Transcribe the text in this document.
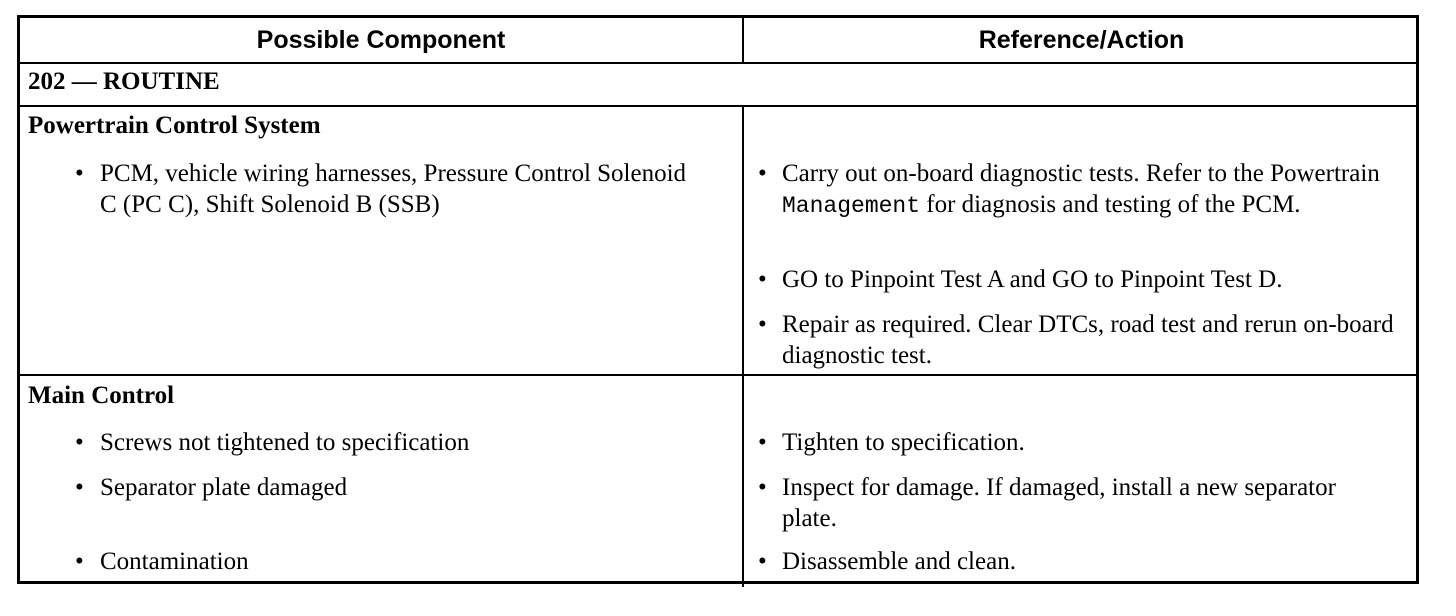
Possible Component	Reference/Action
202 — ROUTINE
Powertrain Control System
• PCM, vehicle wiring harnesses, Pressure Control Solenoid C (PC C), Shift Solenoid B (SSB)
• Carry out on-board diagnostic tests. Refer to the Powertrain Management for diagnosis and testing of the PCM.
• GO to Pinpoint Test A and GO to Pinpoint Test D.
• Repair as required. Clear DTCs, road test and rerun on-board diagnostic test.
Main Control
• Screws not tightened to specification
• Separator plate damaged
• Contamination
• Tighten to specification.
• Inspect for damage. If damaged, install a new separator plate.
• Disassemble and clean.
